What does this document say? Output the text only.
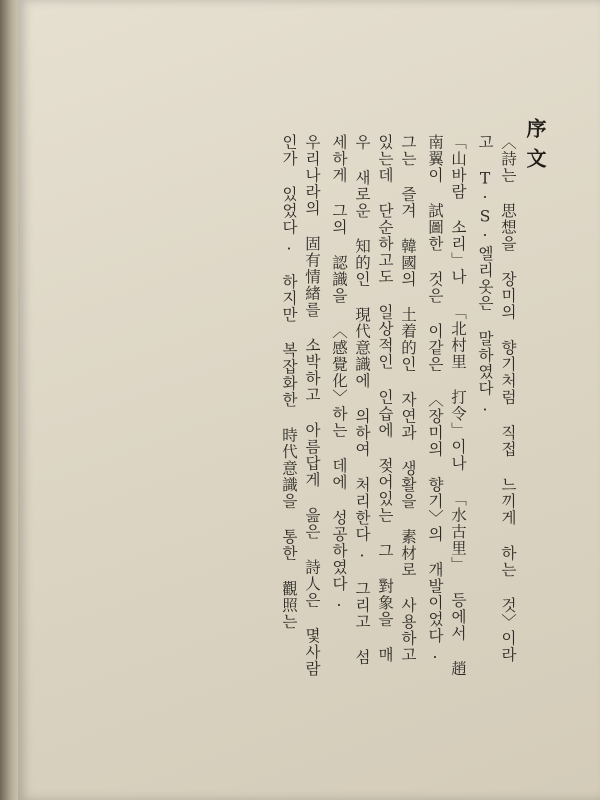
序文
〈詩는 思想을 장미의 향기처럼 직접 느끼게 하는 것〉이라고 T·S·엘리옷은 말하였다.
「山바람 소리」나 「北村里 打令」이나 「水古里」 등에서 趙南翼이 試圖한 것은 이같은 〈장미의 향기〉의 개발이었다.
그는 즐겨 韓國의 土着的인 자연과 생활을 素材로 사용하고 있는데 단순하고도 일상적인 인습에 젖어있는 그 對象을 매우 새로운 知的인 現代意識에 의하여 처리한다. 그리고 섬세하게 그의 認識을 〈感覺化〉하는 데에 성공하였다.
우리나라의 固有情緖를 소박하고 아름답게 읊은 詩人은 몇사람인가 있었다. 하지만 복잡화한 時代意識을 통한 觀照는
